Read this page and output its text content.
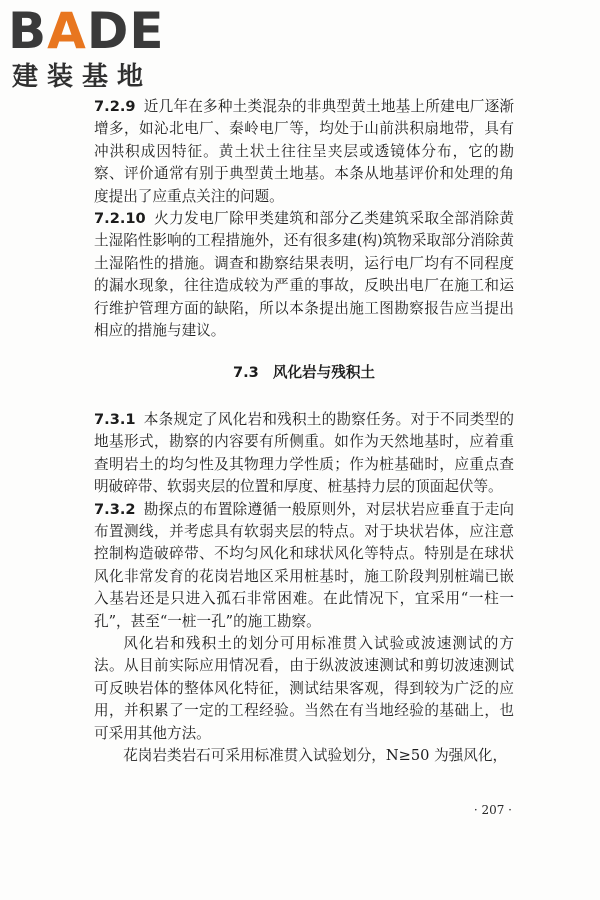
BADE
建装基地

7.2.9 近几年在多种土类混杂的非典型黄土地基上所建电厂逐渐增多，如沁北电厂、秦岭电厂等，均处于山前洪积扇地带，具有冲洪积成因特征。黄土状土往往呈夹层或透镜体分布，它的勘察、评价通常有别于典型黄土地基。本条从地基评价和处理的角度提出了应重点关注的问题。

7.2.10 火力发电厂除甲类建筑和部分乙类建筑采取全部消除黄土湿陷性影响的工程措施外，还有很多建(构)筑物采取部分消除黄土湿陷性的措施。调查和勘察结果表明，运行电厂均有不同程度的漏水现象，往往造成较为严重的事故，反映出电厂在施工和运行维护管理方面的缺陷，所以本条提出施工图勘察报告应当提出相应的措施与建议。

7.3 风化岩与残积土

7.3.1 本条规定了风化岩和残积土的勘察任务。对于不同类型的地基形式，勘察的内容要有所侧重。如作为天然地基时，应着重查明岩土的均匀性及其物理力学性质；作为桩基础时，应重点查明破碎带、软弱夹层的位置和厚度、桩基持力层的顶面起伏等。

7.3.2 勘探点的布置除遵循一般原则外，对层状岩应垂直于走向布置测线，并考虑具有软弱夹层的特点。对于块状岩体，应注意控制构造破碎带、不均匀风化和球状风化等特点。特别是在球状风化非常发育的花岗岩地区采用桩基时，施工阶段判别桩端已嵌入基岩还是只进入孤石非常困难。在此情况下，宜采用“一柱一孔”，甚至“一桩一孔”的施工勘察。

风化岩和残积土的划分可用标准贯入试验或波速测试的方法。从目前实际应用情况看，由于纵波波速测试和剪切波速测试可反映岩体的整体风化特征，测试结果客观，得到较为广泛的应用，并积累了一定的工程经验。当然在有当地经验的基础上，也可采用其他方法。

花岗岩类岩石可采用标准贯入试验划分，N≥50 为强风化，

· 207 ·
